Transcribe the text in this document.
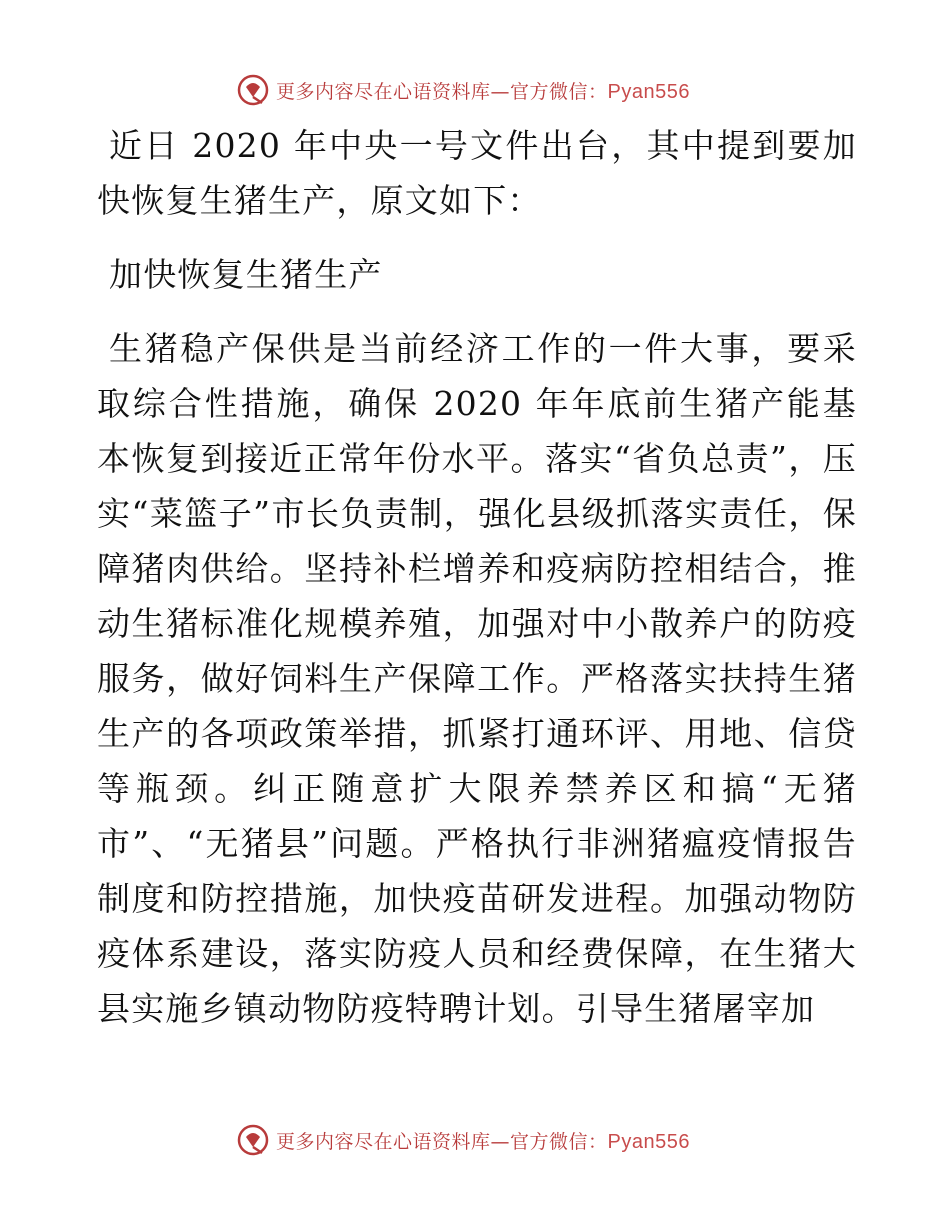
更多内容尽在心语资料库—官方微信：Pyan556

近日 2020 年中央一号文件出台，其中提到要加快恢复生猪生产，原文如下：

加快恢复生猪生产

生猪稳产保供是当前经济工作的一件大事，要采取综合性措施，确保 2020 年年底前生猪产能基本恢复到接近正常年份水平。落实“省负总责”，压实“菜篮子”市长负责制，强化县级抓落实责任，保障猪肉供给。坚持补栏增养和疫病防控相结合，推动生猪标准化规模养殖，加强对中小散养户的防疫服务，做好饲料生产保障工作。严格落实扶持生猪生产的各项政策举措，抓紧打通环评、用地、信贷等瓶颈。纠正随意扩大限养禁养区和搞“无猪市”、“无猪县”问题。严格执行非洲猪瘟疫情报告制度和防控措施，加快疫苗研发进程。加强动物防疫体系建设，落实防疫人员和经费保障，在生猪大县实施乡镇动物防疫特聘计划。引导生猪屠宰加

更多内容尽在心语资料库—官方微信：Pyan556
